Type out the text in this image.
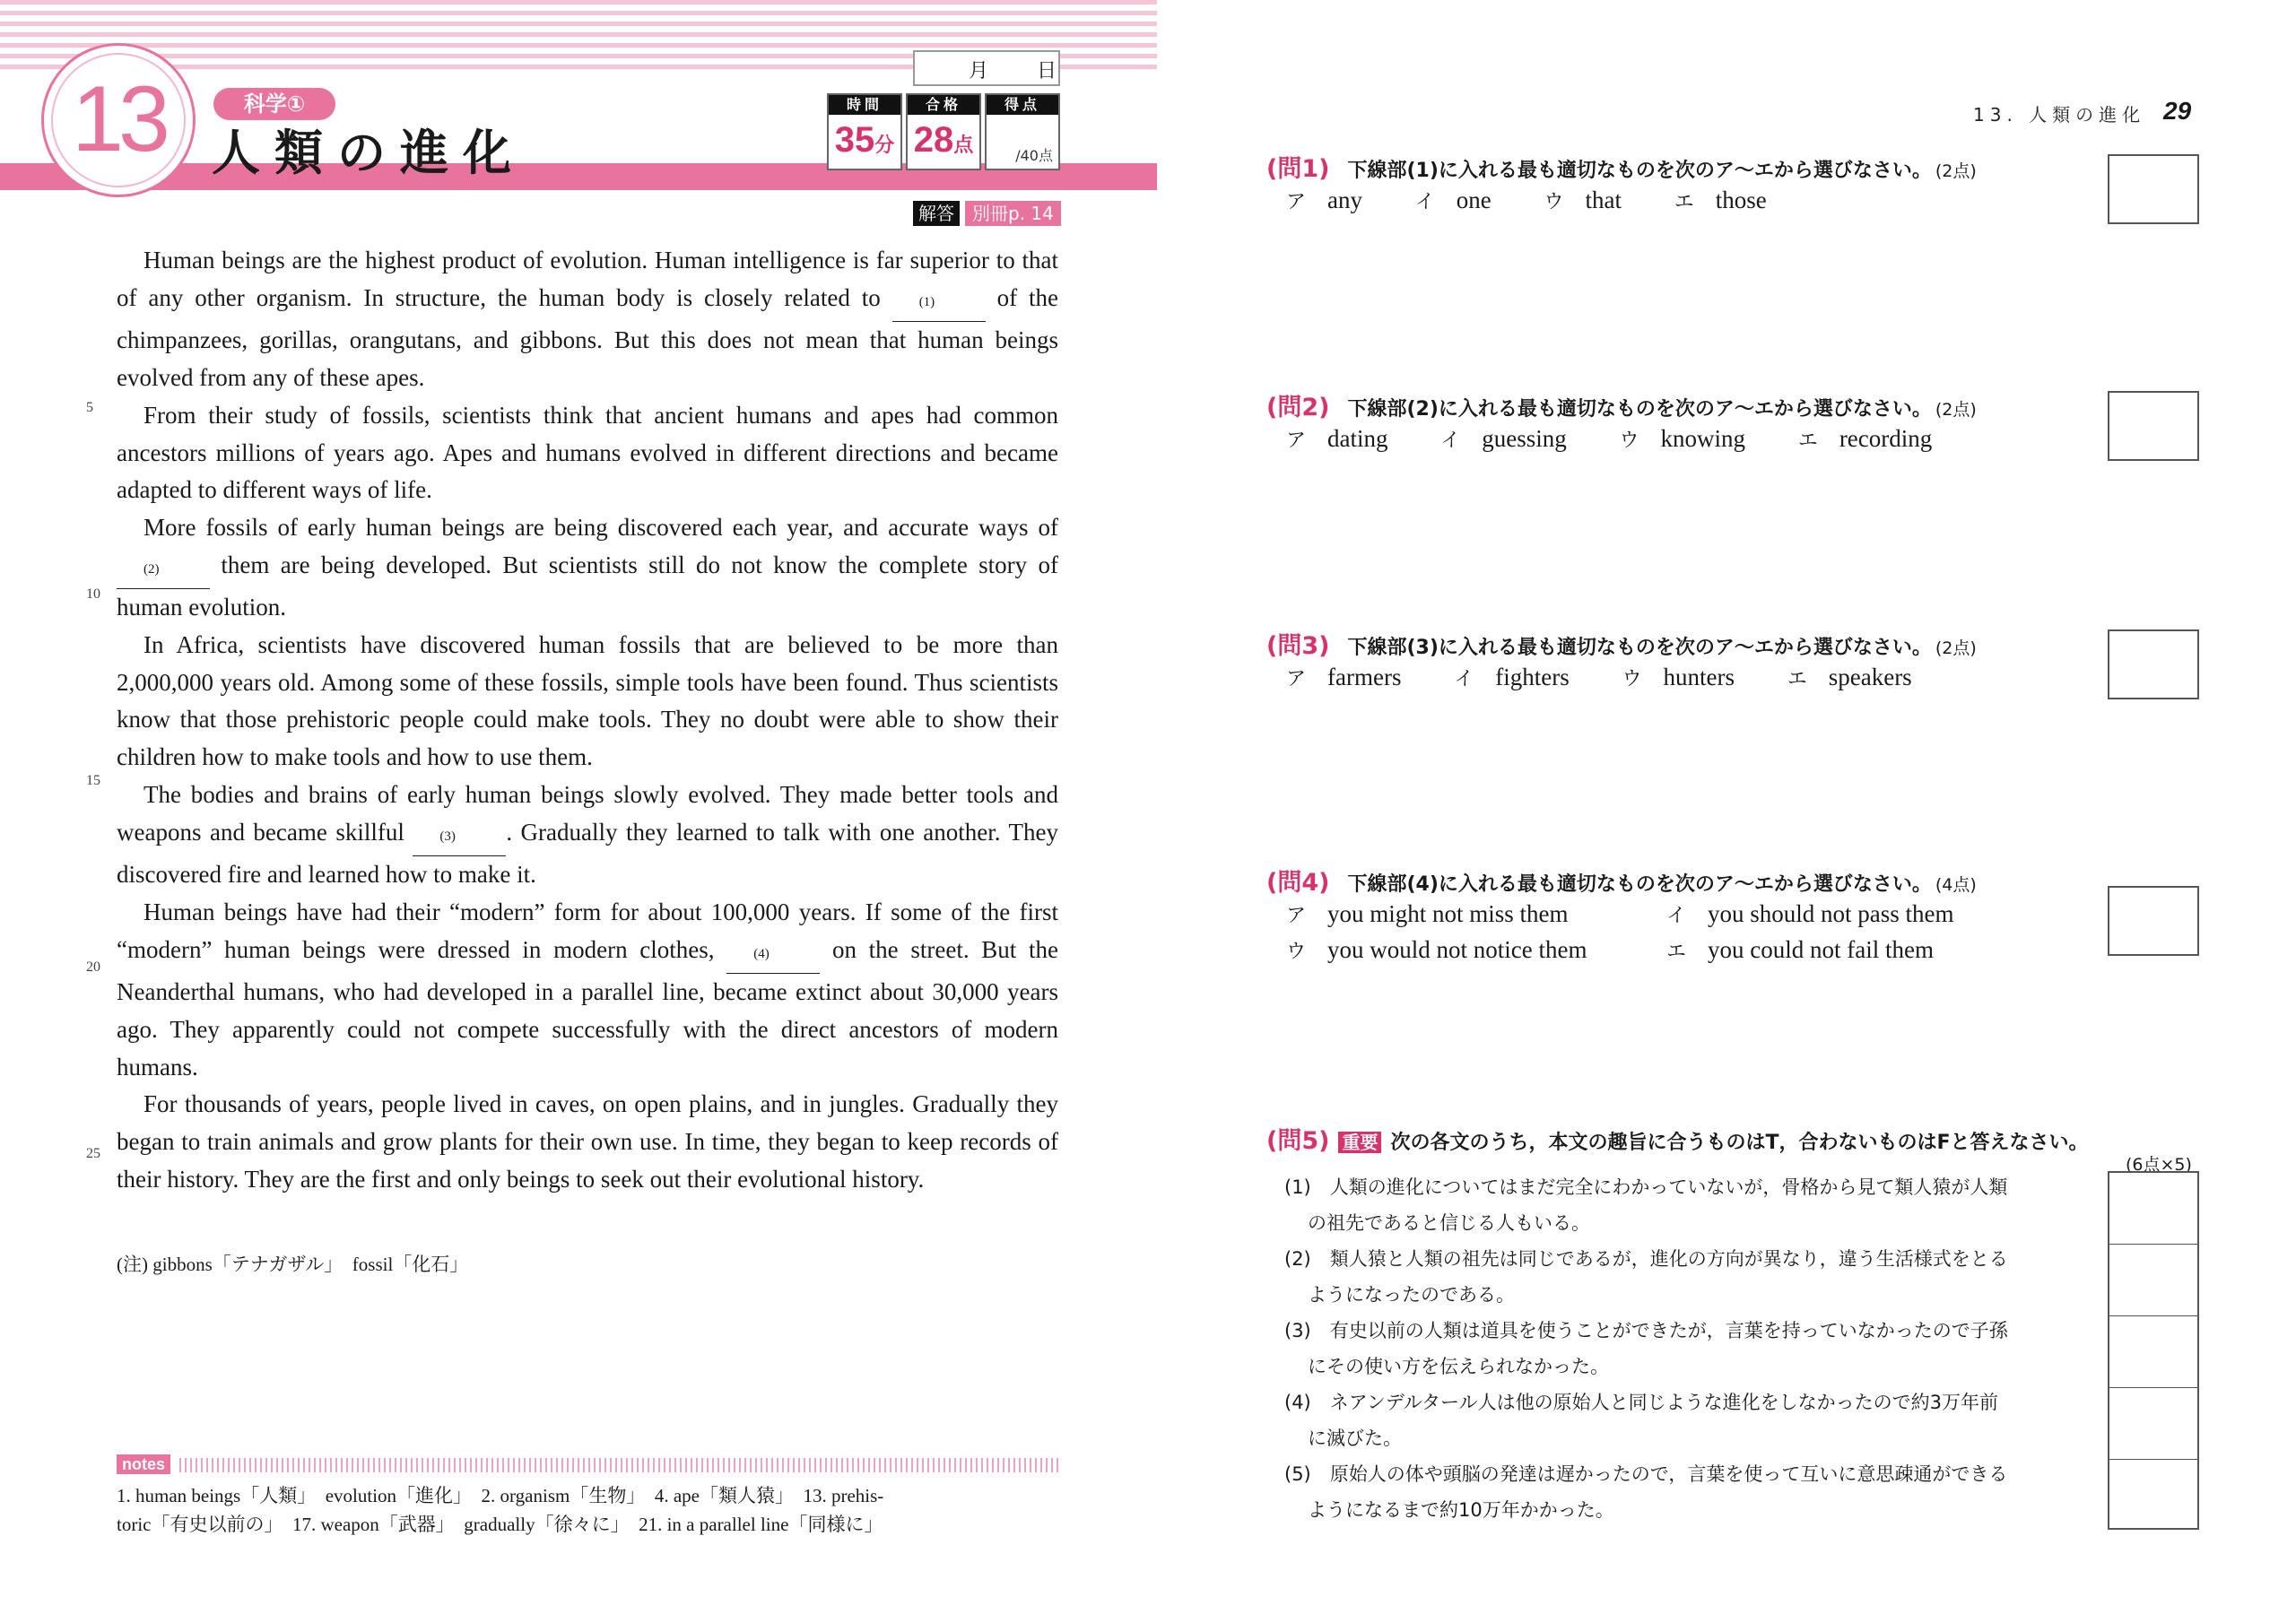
13	科学①
人類の進化
月 日
時間
35分
合格
28点
得点
/40点
解答	別冊p. 14

Human beings are the highest product of evolution. Human intelligence is far superior to that of any other organism. In structure, the human body is closely related to (1) of the chimpanzees, gorillas, orangutans, and gibbons. But this does not mean that human beings evolved from any of these apes.

From their study of fossils, scientists think that ancient humans and apes had common ancestors millions of years ago. Apes and humans evolved in different directions and became adapted to different ways of life.

More fossils of early human beings are being discovered each year, and accurate ways of (2) them are being developed. But scientists still do not know the complete story of human evolution.

In Africa, scientists have discovered human fossils that are believed to be more than 2,000,000 years old. Among some of these fossils, simple tools have been found. Thus scientists know that those prehistoric people could make tools. They no doubt were able to show their children how to make tools and how to use them.

The bodies and brains of early human beings slowly evolved. They made better tools and weapons and became skillful (3) . Gradually they learned to talk with one another. They discovered fire and learned how to make it.

Human beings have had their “modern” form for about 100,000 years. If some of the first “modern” human beings were dressed in modern clothes, (4) on the street. But the Neanderthal humans, who had developed in a parallel line, became extinct about 30,000 years ago. They apparently could not compete successfully with the direct ancestors of modern humans.

For thousands of years, people lived in caves, on open plains, and in jungles. Gradually they began to train animals and grow plants for their own use. In time, they began to keep records of their history. They are the first and only beings to seek out their evolutional history.

5
10
15
20
25
(注) gibbons「テナガザル」　fossil「化石」
notes
1. human beings「人類」　evolution「進化」　2. organism「生物」　4. ape「類人猿」　13. prehis-
toric「有史以前の」　17. weapon「武器」　gradually「徐々に」　21. in a parallel line「同様に」
13. 人類の進化 29
(問1) 下線部(1)に入れる最も適切なものを次のア〜エから選びなさい。 (2点)
ア any	イ one	ウ that	エ those
(問2) 下線部(2)に入れる最も適切なものを次のア〜エから選びなさい。 (2点)
ア dating	イ guessing	ウ knowing	エ recording
(問3) 下線部(3)に入れる最も適切なものを次のア〜エから選びなさい。 (2点)
ア farmers	イ fighters	ウ hunters	エ speakers
(問4) 下線部(4)に入れる最も適切なものを次のア〜エから選びなさい。 (4点)
ア you might not miss them	イ you should not pass them
ウ you would not notice them	エ you could not fail them
(問5) 重要 次の各文のうち，本文の趣旨に合うものはT，合わないものはFと答えなさい。
(6点×5)
(1)　 人類の進化についてはまだ完全にわかっていないが，骨格から見て類人猿が人類
の祖先であると信じる人もいる。
(2)　 類人猿と人類の祖先は同じであるが，進化の方向が異なり，違う生活様式をとる
ようになったのである。
(3)　 有史以前の人類は道具を使うことができたが，言葉を持っていなかったので子孫
にその使い方を伝えられなかった。
(4)　 ネアンデルタール人は他の原始人と同じような進化をしなかったので約3万年前
に滅びた。
(5)　 原始人の体や頭脳の発達は遅かったので，言葉を使って互いに意思疎通ができる
ようになるまで約10万年かかった。
